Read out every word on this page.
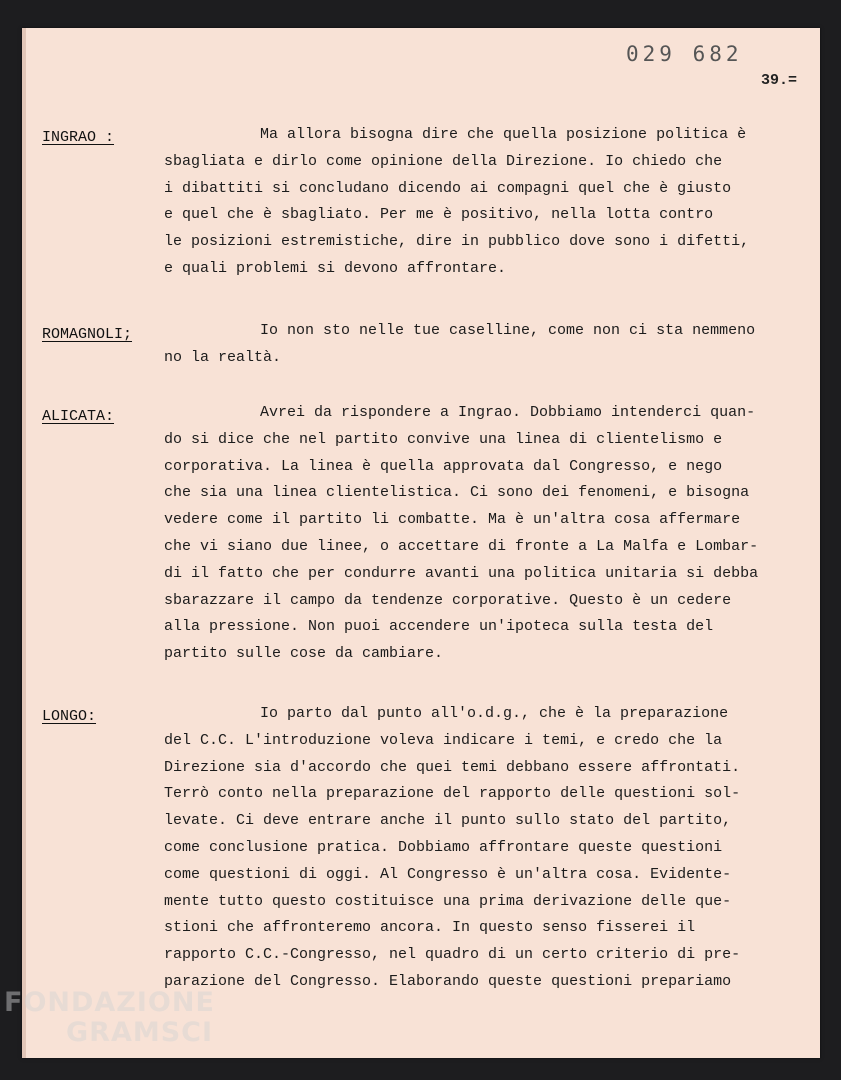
029 682
39.=
INGRAO :	Ma allora bisogna dire che quella posizione politica è
sbagliata e dirlo come opinione della Direzione. Io chiedo che
i dibattiti si concludano dicendo ai compagni quel che è giusto
e quel che è sbagliato. Per me è positivo, nella lotta contro
le posizioni estremistiche, dire in pubblico dove sono i difetti,
e quali problemi si devono affrontare.
ROMAGNOLI;	Io non sto nelle tue caselline, come non ci sta nemmeno
no la realtà.
ALICATA:	Avrei da rispondere a Ingrao. Dobbiamo intenderci quan-
do si dice che nel partito convive una linea di clientelismo e
corporativa. La linea è quella approvata dal Congresso, e nego
che sia una linea clientelistica. Ci sono dei fenomeni, e bisogna
vedere come il partito li combatte. Ma è un'altra cosa affermare
che vi siano due linee, o accettare di fronte a La Malfa e Lombar-
di il fatto che per condurre avanti una politica unitaria si debba
sbarazzare il campo da tendenze corporative. Questo è un cedere
alla pressione. Non puoi accendere un'ipoteca sulla testa del
partito sulle cose da cambiare.
LONGO:	Io parto dal punto all'o.d.g., che è la preparazione
del C.C. L'introduzione voleva indicare i temi, e credo che la
Direzione sia d'accordo che quei temi debbano essere affrontati.
Terrò conto nella preparazione del rapporto delle questioni sol-
levate. Ci deve entrare anche il punto sullo stato del partito,
come conclusione pratica. Dobbiamo affrontare queste questioni
come questioni di oggi. Al Congresso è un'altra cosa. Evidente-
mente tutto questo costituisce una prima derivazione delle que-
stioni che affronteremo ancora. In questo senso fisserei il
rapporto C.C.-Congresso, nel quadro di un certo criterio di pre-
parazione del Congresso. Elaborando queste questioni prepariamo
FONDAZIONE
GRAMSCI
